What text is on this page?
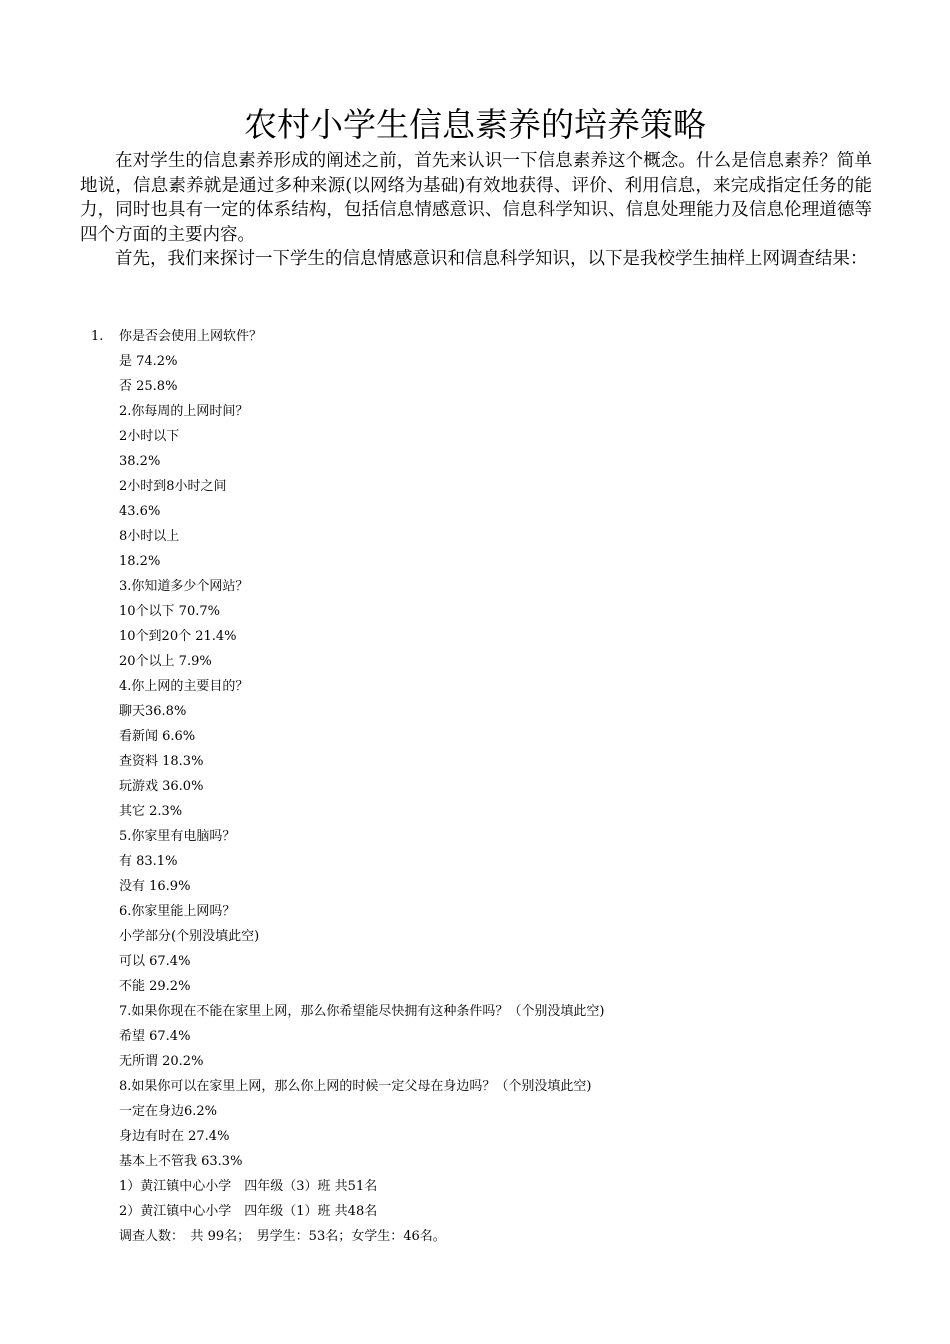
农村小学生信息素养的培养策略

在对学生的信息素养形成的阐述之前，首先来认识一下信息素养这个概念。什么是信息素养？简单地说，信息素养就是通过多种来源(以网络为基础)有效地获得、评价、利用信息，来完成指定任务的能力，同时也具有一定的体系结构，包括信息情感意识、信息科学知识、信息处理能力及信息伦理道德等四个方面的主要内容。

首先，我们来探讨一下学生的信息情感意识和信息科学知识，以下是我校学生抽样上网调查结果：

1. 你是否会使用上网软件？
是 74.2%
否 25.8%
2.你每周的上网时间？
2小时以下
38.2%
2小时到8小时之间
43.6%
8小时以上
18.2%
3.你知道多少个网站？
10个以下 70.7%
10个到20个 21.4%
20个以上 7.9%
4.你上网的主要目的？
聊天36.8%
看新闻 6.6%
查资料 18.3%
玩游戏 36.0%
其它 2.3%
5.你家里有电脑吗？
有 83.1%
没有 16.9%
6.你家里能上网吗？
小学部分(个别没填此空)
可以 67.4%
不能 29.2%
7.如果你现在不能在家里上网，那么你希望能尽快拥有这种条件吗？（个别没填此空)
希望 67.4%
无所谓 20.2%
8.如果你可以在家里上网，那么你上网的时候一定父母在身边吗？（个别没填此空)
一定在身边6.2%
身边有时在 27.4%
基本上不管我 63.3%
1）黄江镇中心小学　四年级（3）班 共51名
2）黄江镇中心小学　四年级（1）班 共48名
调查人数：　共 99名；　男学生：53名；女学生：46名。
